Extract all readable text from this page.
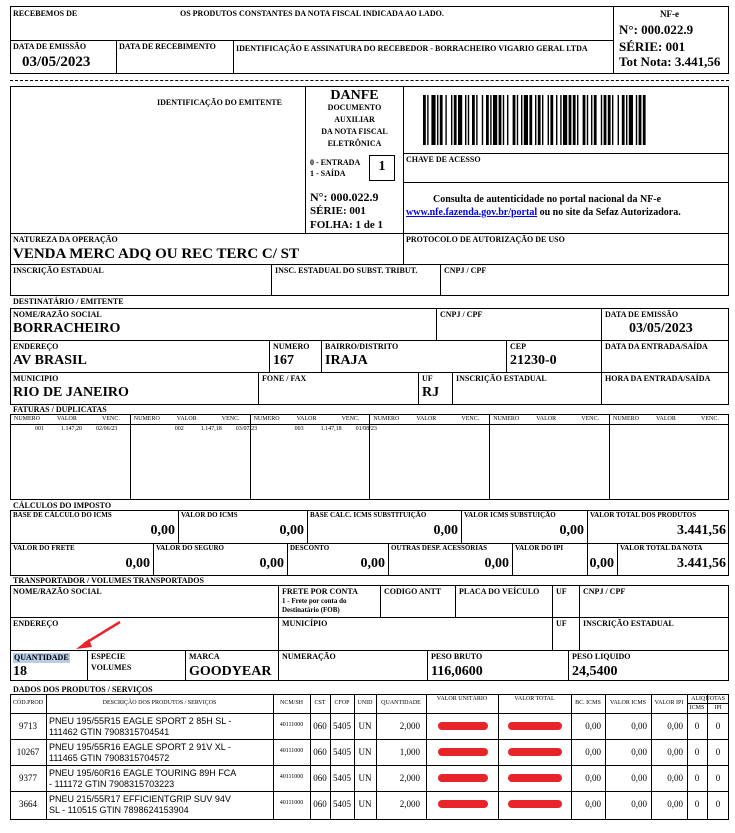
RECEBEMOS DE	OS PRODUTOS CONSTANTES DA NOTA FISCAL INDICADA AO LADO.
DATA DE EMISSÃO
03/05/2023
DATA DE RECEBIMENTO	IDENTIFICAÇÃO E ASSINATURA DO RECEBEDOR - BORRACHEIRO VIGARIO GERAL LTDA
NF-e
N°: 000.022.9
SÉRIE: 001
Tot Nota: 3.441,56
IDENTIFICAÇÃO DO EMITENTE	DANFE
DOCUMENTO
AUXILIAR
DA NOTA FISCAL
ELETRÔNICA
0 - ENTRADA
1 - SAÍDA	1
N°: 000.022.9
SÉRIE: 001
FOLHA: 1 de 1
CHAVE DE ACESSO
Consulta de autenticidade no portal nacional da NF-e
www.nfe.fazenda.gov.br/portal ou no site da Sefaz Autorizadora.
NATUREZA DA OPERAÇÃO
VENDA MERC ADQ OU REC TERC C/ ST
PROTOCOLO DE AUTORIZAÇÃO DE USO
INSCRIÇÃO ESTADUAL	INSC. ESTADUAL DO SUBST. TRIBUT.	CNPJ / CPF
DESTINATÁRIO / EMITENTE
NOME/RAZÃO SOCIAL
BORRACHEIRO
CNPJ / CPF	DATA DE EMISSÃO
03/05/2023
ENDEREÇO
AV BRASIL
NUMERO
167
BAIRRO/DISTRITO
IRAJA
CEP
21230-0
DATA DA ENTRADA/SAÍDA
MUNICIPIO
RIO DE JANEIRO
FONE / FAX	UF
RJ
INSCRIÇÃO ESTADUAL	HORA DA ENTRADA/SAÍDA
FATURAS / DUPLICATAS
NUMERO	VALOR	VENC. NUMERO	VALOR	VENC. NUMERO	VALOR	VENC. NUMERO	VALOR	VENC. NUMERO	VALOR	VENC. NUMERO	VALOR	VENC.
001	1.147,20 02/06/23	002	1.147,18 03/07/23	003	1.147,18 01/08/23
CÁLCULOS DO IMPOSTO
BASE DE CÁLCULO DO ICMS
0,00
VALOR DO ICMS
0,00
BASE CALC. ICMS SUBSTITUIÇÃO
0,00
VALOR ICMS SUBSTUIÇÃO
0,00
VALOR TOTAL DOS PRODUTOS
3.441,56
VALOR DO FRETE
0,00
VALOR DO SEGURO
0,00
DESCONTO
0,00
OUTRAS DESP. ACESSÓRIAS
0,00
VALOR DO IPI
0,00
VALOR TOTAL DA NOTA
3.441,56
TRANSPORTADOR / VOLUMES TRANSPORTADOS
NOME/RAZÃO SOCIAL	FRETE POR CONTA
1 - Frete por conta do
Destinatário (FOB)
CODIGO ANTT PLACA DO VEÍCULO UF CNPJ / CPF
ENDEREÇO	MUNICÍPIO	UF INSCRIÇÃO ESTADUAL
QUANTIDADE
18
ESPECIE
VOLUMES
MARCA
GOODYEAR
NUMERAÇÃO	PESO BRUTO
116,0600
PESO LIQUIDO
24,5400
DADOS DOS PRODUTOS / SERVIÇOS
CÓD.PROD	DESCRIÇÃO DOS PRODUTOS / SERVIÇOS	NCM/SH	CST	CFOP	UNID	QUANTIDADE
VALOR UNITÁRIO	VALOR TOTAL
BC. ICMS	VALOR ICMS	VALOR IPI
ALIQUOTAS
ICMS	IPI
9713	PNEU 195/55R15 EAGLE SPORT 2 85H SL -
111462 GTIN 7908315704541
40111000	060 5405 UN	2,000	0,00	0,00	0,00	0	0
10267	PNEU 195/55R16 EAGLE SPORT 2 91V XL -
111465 GTIN 7908315704572
40111000	060 5405 UN	1,000	0,00	0,00	0,00	0	0
9377	PNEU 195/60R16 EAGLE TOURING 89H FCA
- 111172 GTIN 7908315703223
40111000	060 5405 UN	2,000	0,00	0,00	0,00	0	0
3664	PNEU 215/55R17 EFFICIENTGRIP SUV 94V
SL - 110515 GTIN 7898624153904
40111000	060 5405 UN	2,000	0,00	0,00	0,00	0	0
